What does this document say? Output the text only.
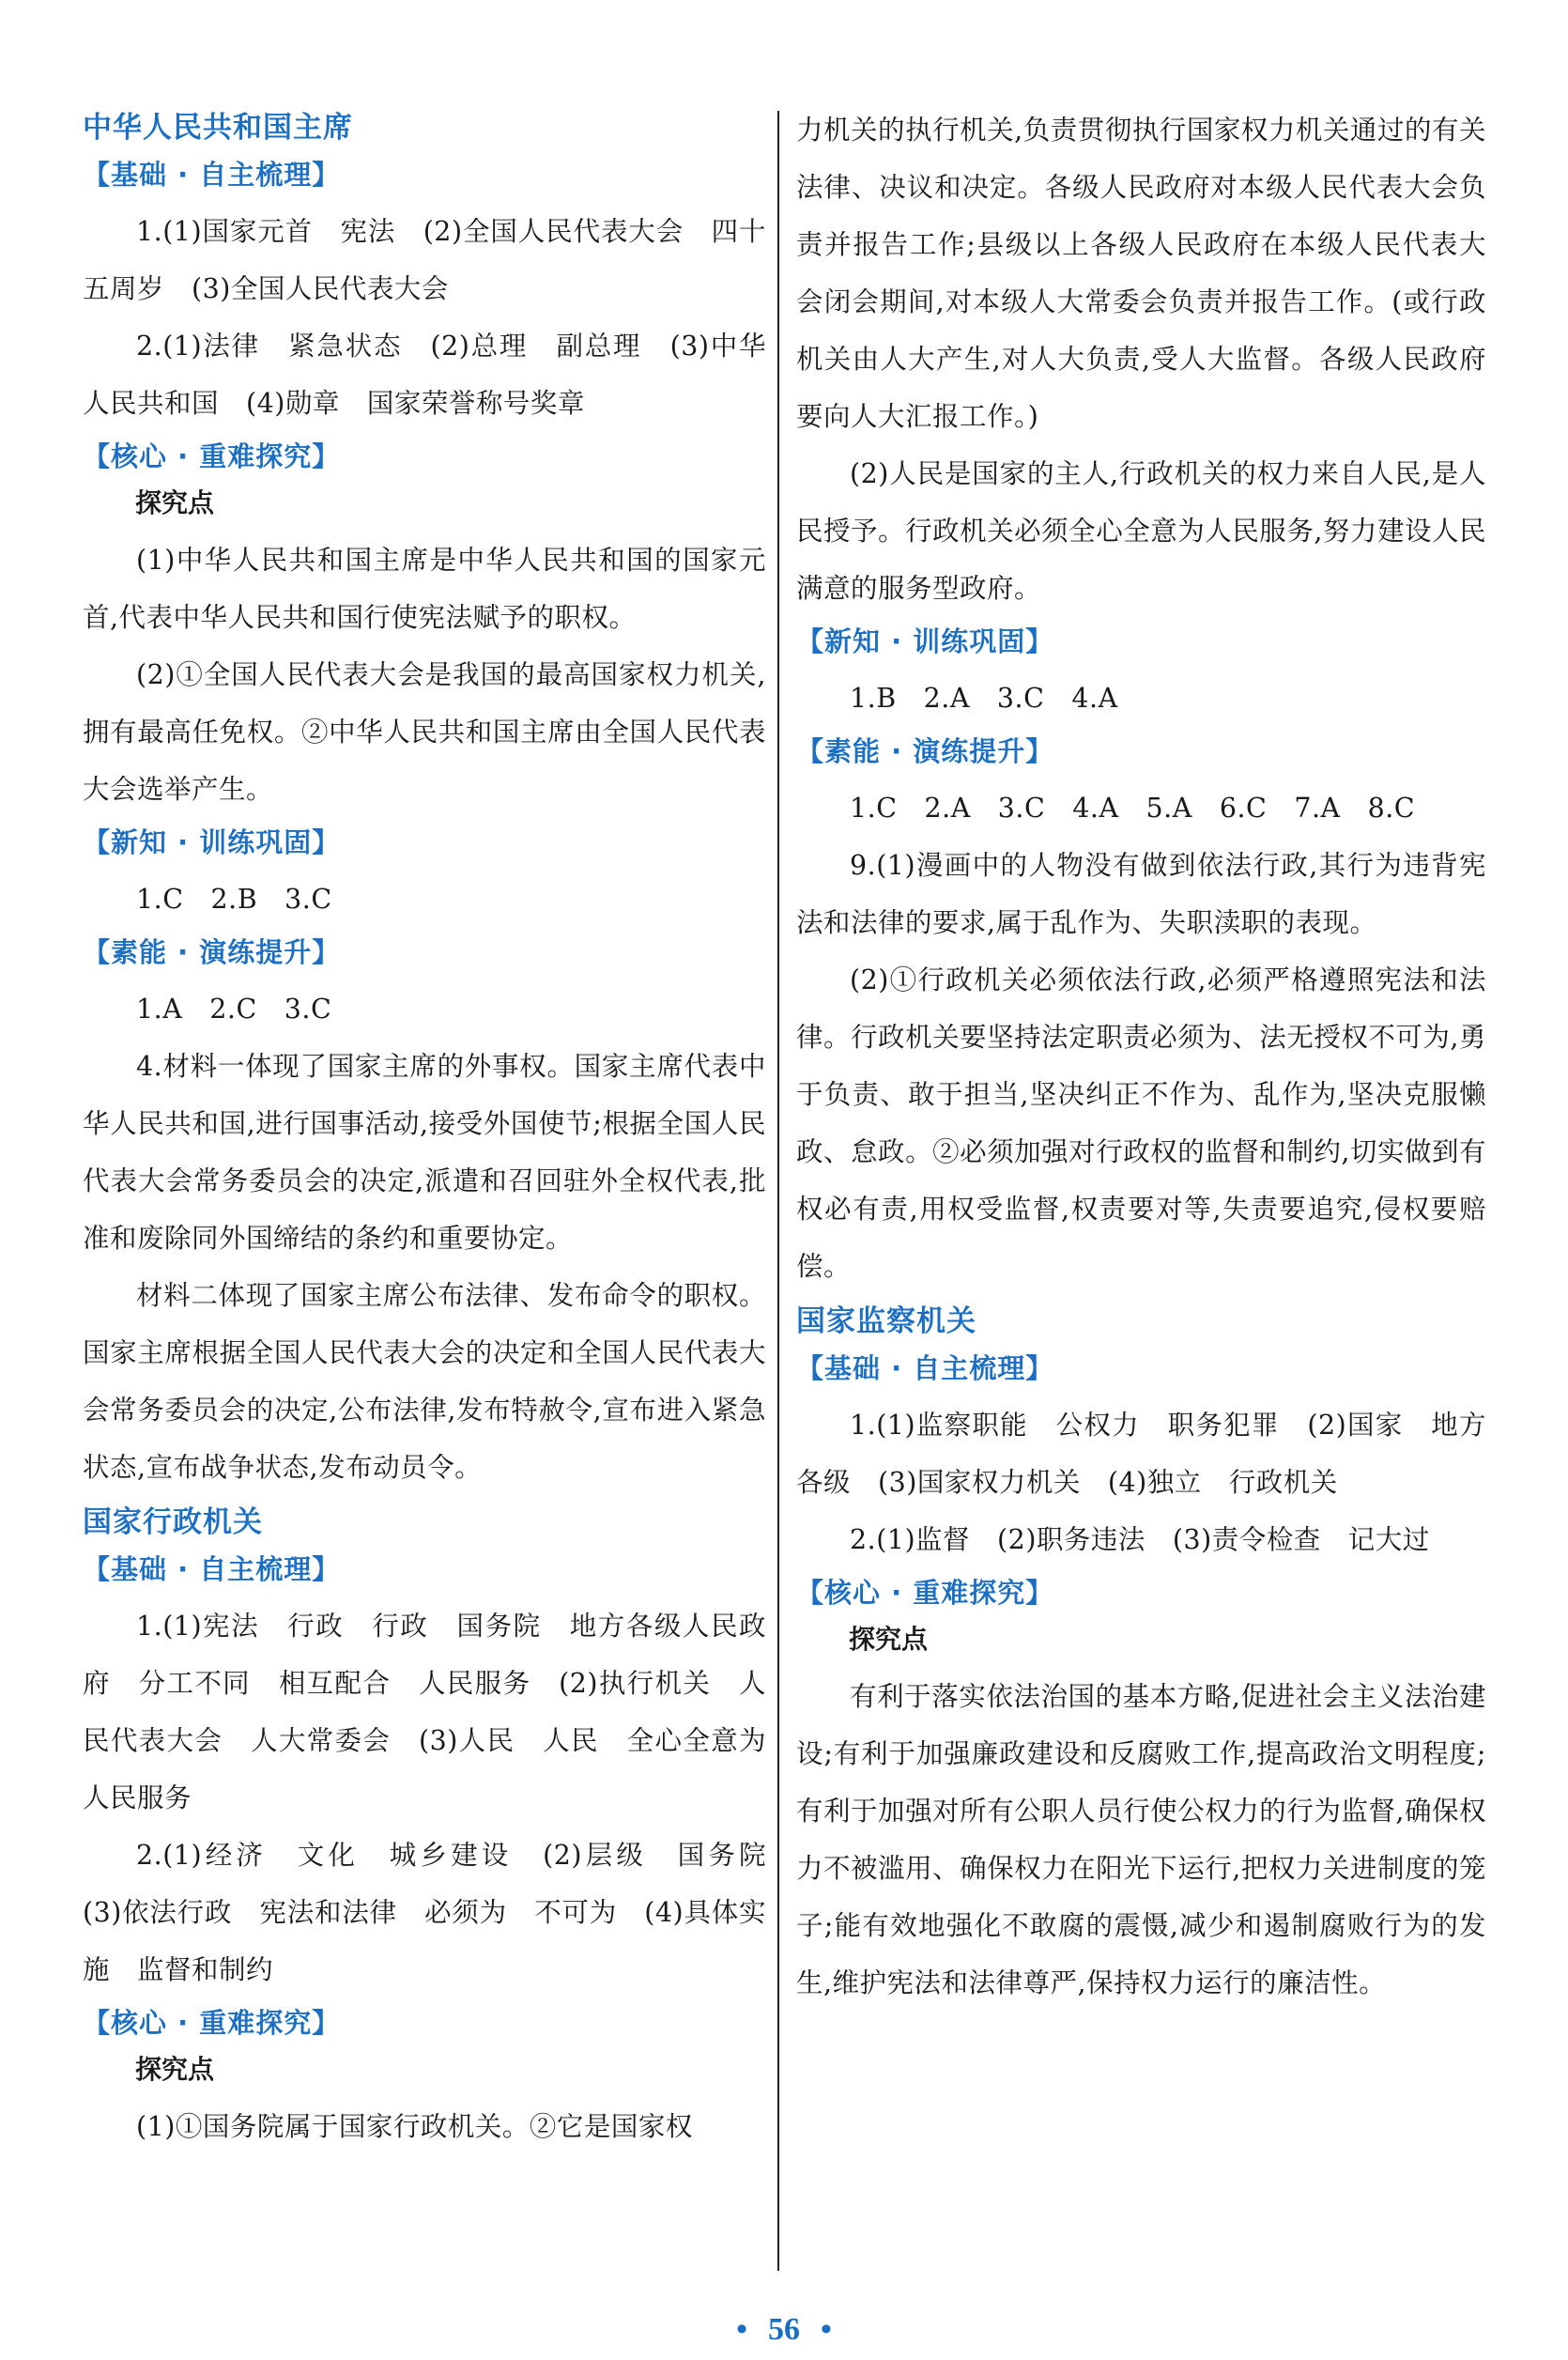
中华人民共和国主席
【基础 · 自主梳理】
1.(1)国家元首　宪法　(2)全国人民代表大会　四十五周岁　(3)全国人民代表大会
2.(1)法律　紧急状态　(2)总理　副总理　(3)中华人民共和国　(4)勋章　国家荣誉称号奖章
【核心 · 重难探究】
探究点
(1)中华人民共和国主席是中华人民共和国的国家元首,代表中华人民共和国行使宪法赋予的职权。
(2)①全国人民代表大会是我国的最高国家权力机关,拥有最高任免权。②中华人民共和国主席由全国人民代表大会选举产生。
【新知 · 训练巩固】
1.C　2.B　3.C
【素能 · 演练提升】
1.A　2.C　3.C
4.材料一体现了国家主席的外事权。国家主席代表中华人民共和国,进行国事活动,接受外国使节;根据全国人民代表大会常务委员会的决定,派遣和召回驻外全权代表,批准和废除同外国缔结的条约和重要协定。
材料二体现了国家主席公布法律、发布命令的职权。国家主席根据全国人民代表大会的决定和全国人民代表大会常务委员会的决定,公布法律,发布特赦令,宣布进入紧急状态,宣布战争状态,发布动员令。
国家行政机关
【基础 · 自主梳理】
1.(1)宪法　行政　行政　国务院　地方各级人民政府　分工不同　相互配合　人民服务　(2)执行机关　人民代表大会　人大常委会　(3)人民　人民　全心全意为人民服务
2.(1)经济　文化　城乡建设　(2)层级　国务院　(3)依法行政　宪法和法律　必须为　不可为　(4)具体实施　监督和制约
【核心 · 重难探究】
探究点
(1)①国务院属于国家行政机关。②它是国家权
力机关的执行机关,负责贯彻执行国家权力机关通过的有关法律、决议和决定。各级人民政府对本级人民代表大会负责并报告工作;县级以上各级人民政府在本级人民代表大会闭会期间,对本级人大常委会负责并报告工作。(或行政机关由人大产生,对人大负责,受人大监督。各级人民政府要向人大汇报工作。)
(2)人民是国家的主人,行政机关的权力来自人民,是人民授予。行政机关必须全心全意为人民服务,努力建设人民满意的服务型政府。
【新知 · 训练巩固】
1.B　2.A　3.C　4.A
【素能 · 演练提升】
1.C　2.A　3.C　4.A　5.A　6.C　7.A　8.C
9.(1)漫画中的人物没有做到依法行政,其行为违背宪法和法律的要求,属于乱作为、失职渎职的表现。
(2)①行政机关必须依法行政,必须严格遵照宪法和法律。行政机关要坚持法定职责必须为、法无授权不可为,勇于负责、敢于担当,坚决纠正不作为、乱作为,坚决克服懒政、怠政。②必须加强对行政权的监督和制约,切实做到有权必有责,用权受监督,权责要对等,失责要追究,侵权要赔偿。
国家监察机关
【基础 · 自主梳理】
1.(1)监察职能　公权力　职务犯罪　(2)国家　地方各级　(3)国家权力机关　(4)独立　行政机关
2.(1)监督　(2)职务违法　(3)责令检查　记大过
【核心 · 重难探究】
探究点
有利于落实依法治国的基本方略,促进社会主义法治建设;有利于加强廉政建设和反腐败工作,提高政治文明程度;有利于加强对所有公职人员行使公权力的行为监督,确保权力不被滥用、确保权力在阳光下运行,把权力关进制度的笼子;能有效地强化不敢腐的震慑,减少和遏制腐败行为的发生,维护宪法和法律尊严,保持权力运行的廉洁性。
• 56 •
